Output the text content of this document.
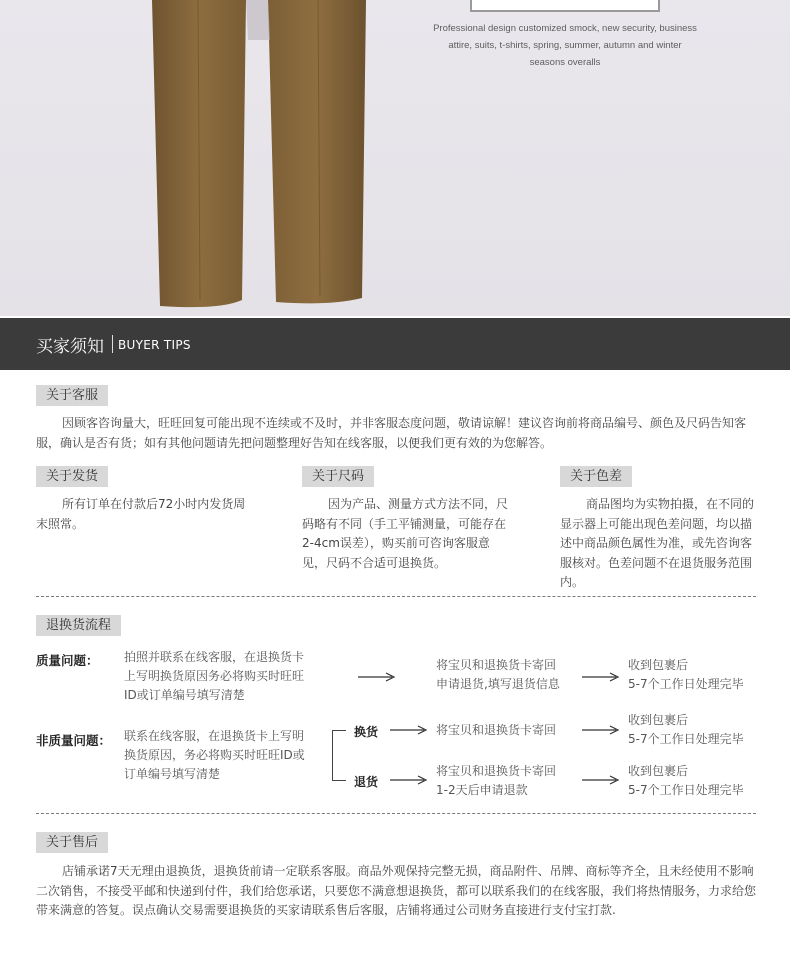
Professional design customized smock, new security, business attire, suits, t-shirts, spring, summer, autumn and winter seasons overalls
买家须知 BUYER TIPS
关于客服
因顾客咨询量大，旺旺回复可能出现不连续或不及时，并非客服态度问题，敬请谅解！建议咨询前将商品编号、颜色及尺码告知客服，确认是否有货；如有其他问题请先把问题整理好告知在线客服，以便我们更有效的为您解答。
关于发货
所有订单在付款后72小时内发货周末照常。
关于尺码
因为产品、测量方式方法不同，尺码略有不同（手工平铺测量，可能存在2-4cm误差），购买前可咨询客服意见，尺码不合适可退换货。
关于色差
商品图均为实物拍摄，在不同的显示器上可能出现色差问题，均以描述中商品颜色属性为准，或先咨询客服核对。色差问题不在退货服务范围内。
退换货流程
质量问题： 拍照并联系在线客服，在退换货卡上写明换货原因务必将购买时旺旺ID或订单编号填写清楚
将宝贝和退换货卡寄回
申请退货,填写退货信息
收到包裹后
5-7个工作日处理完毕
非质量问题： 联系在线客服，在退换货卡上写明换货原因，务必将购买时旺旺ID或订单编号填写清楚
换货	将宝贝和退换货卡寄回
收到包裹后
5-7个工作日处理完毕
退货
将宝贝和退换货卡寄回
1-2天后申请退款
收到包裹后
5-7个工作日处理完毕
关于售后
店铺承诺7天无理由退换货，退换货前请一定联系客服。商品外观保持完整无损，商品附件、吊牌、商标等齐全，且未经使用不影响二次销售，不接受平邮和快递到付件，我们给您承诺，只要您不满意想退换货，都可以联系我们的在线客服，我们将热情服务，力求给您带来满意的答复。误点确认交易需要退换货的买家请联系售后客服，店铺将通过公司财务直接进行支付宝打款.
